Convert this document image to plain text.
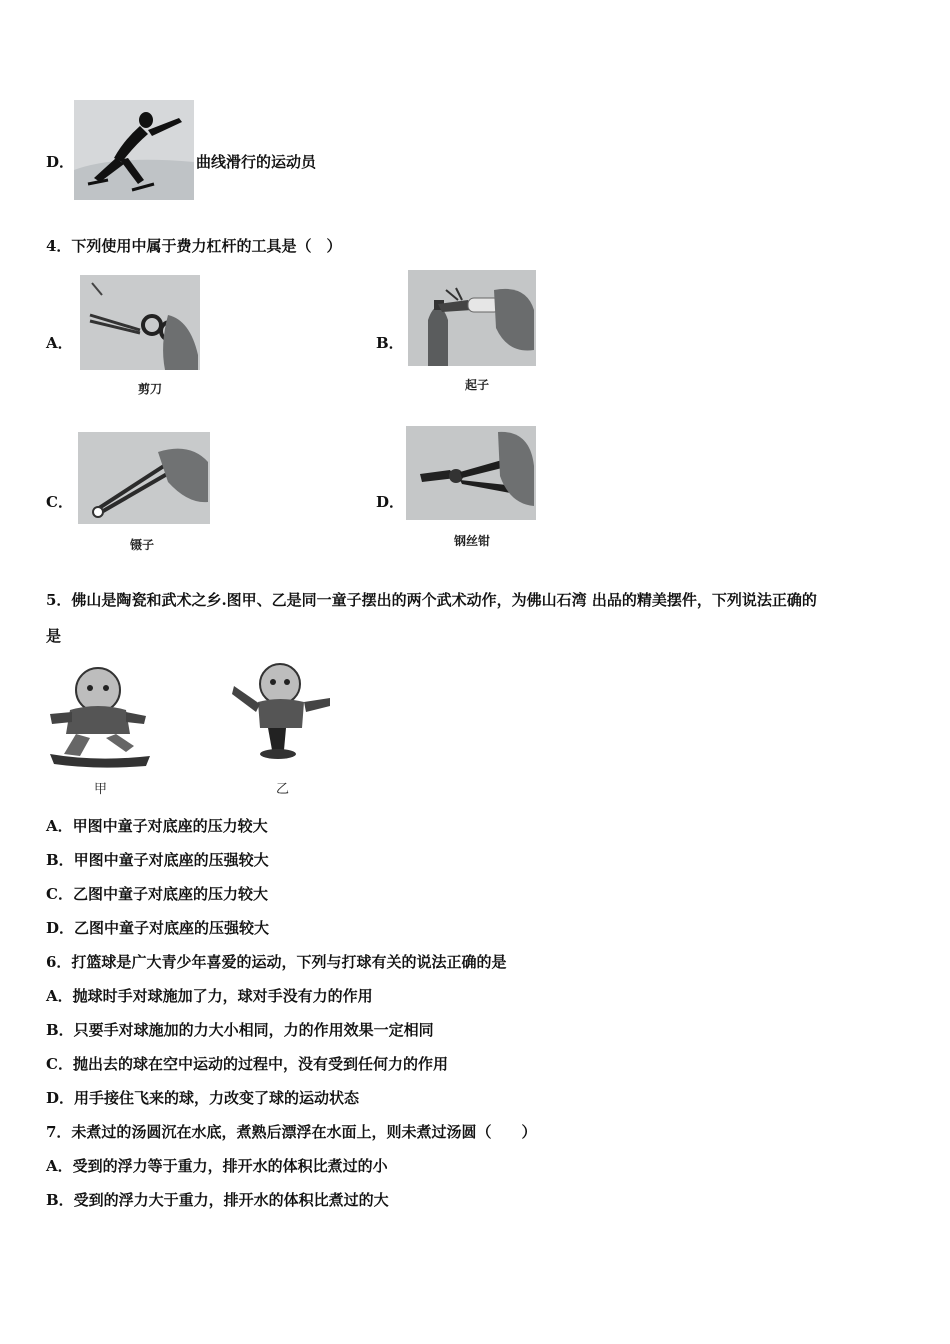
D．	曲线滑行的运动员
4．下列使用中属于费力杠杆的工具是（　）
A．
剪刀
B．
起子
C．
镊子
D．
钢丝钳
5．佛山是陶瓷和武术之乡.图甲、乙是同一童子摆出的两个武术动作，为佛山石湾 出品的精美摆件，下列说法正确的
是
甲	乙
A．甲图中童子对底座的压力较大
B．甲图中童子对底座的压强较大
C．乙图中童子对底座的压力较大
D．乙图中童子对底座的压强较大
6．打篮球是广大青少年喜爱的运动，下列与打球有关的说法正确的是
A．抛球时手对球施加了力，球对手没有力的作用
B．只要手对球施加的力大小相同，力的作用效果一定相同
C．抛出去的球在空中运动的过程中，没有受到任何力的作用
D．用手接住飞来的球，力改变了球的运动状态
7．未煮过的汤圆沉在水底，煮熟后漂浮在水面上，则未煮过汤圆（　　）
A．受到的浮力等于重力，排开水的体积比煮过的小
B．受到的浮力大于重力，排开水的体积比煮过的大
